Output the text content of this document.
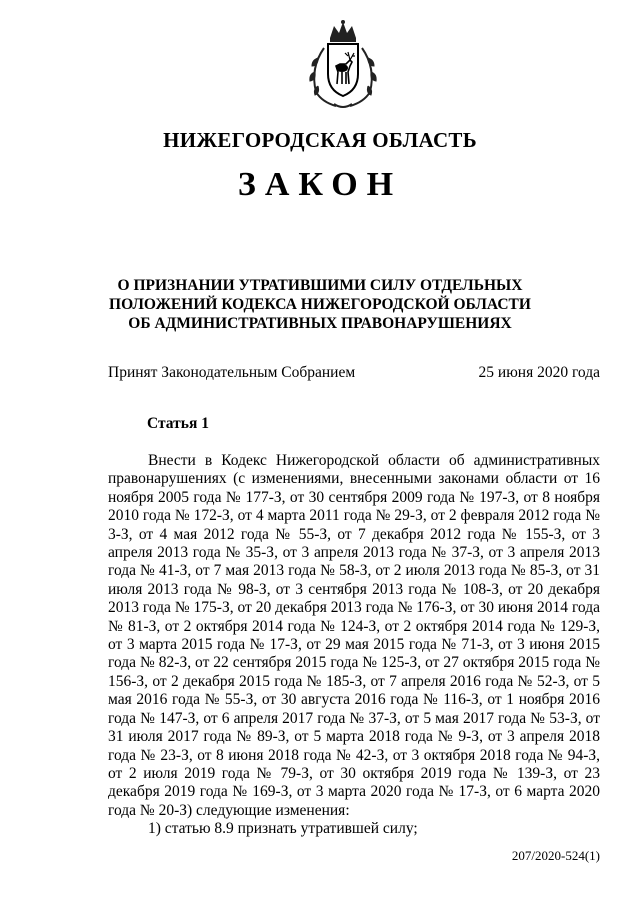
НИЖЕГОРОДСКАЯ ОБЛАСТЬ
ЗАКОН
О ПРИЗНАНИИ УТРАТИВШИМИ СИЛУ ОТДЕЛЬНЫХ
ПОЛОЖЕНИЙ КОДЕКСА НИЖЕГОРОДСКОЙ ОБЛАСТИ
ОБ АДМИНИСТРАТИВНЫХ ПРАВОНАРУШЕНИЯХ
Принят Законодательным Собранием	25 июня 2020 года
Статья 1

Внести в Кодекс Нижегородской области об административных правонарушениях (с изменениями, внесенными законами области от 16 ноября 2005 года № 177-З, от 30 сентября 2009 года № 197-З, от 8 ноября 2010 года № 172-З, от 4 марта 2011 года № 29-З, от 2 февраля 2012 года № 3-З, от 4 мая 2012 года № 55-З, от 7 декабря 2012 года № 155-З, от 3 апреля 2013 года № 35-З, от 3 апреля 2013 года № 37-З, от 3 апреля 2013 года № 41-З, от 7 мая 2013 года № 58-З, от 2 июля 2013 года № 85-З, от 31 июля 2013 года № 98-З, от 3 сентября 2013 года № 108-З, от 20 декабря 2013 года № 175-З, от 20 декабря 2013 года № 176-З, от 30 июня 2014 года № 81-З, от 2 октября 2014 года № 124-З, от 2 октября 2014 года № 129-З, от 3 марта 2015 года № 17-З, от 29 мая 2015 года № 71-З, от 3 июня 2015 года № 82-З, от 22 сентября 2015 года № 125-З, от 27 октября 2015 года № 156-З, от 2 декабря 2015 года № 185-З, от 7 апреля 2016 года № 52-З, от 5 мая 2016 года № 55-З, от 30 августа 2016 года № 116-З, от 1 ноября 2016 года № 147-З, от 6 апреля 2017 года № 37-З, от 5 мая 2017 года № 53-З, от 31 июля 2017 года № 89-З, от 5 марта 2018 года № 9-З, от 3 апреля 2018 года № 23-З, от 8 июня 2018 года № 42-З, от 3 октября 2018 года № 94-З, от 2 июля 2019 года № 79-З, от 30 октября 2019 года № 139-З, от 23 декабря 2019 года № 169-З, от 3 марта 2020 года № 17-З, от 6 марта 2020 года № 20-З) следующие изменения:

1) статью 8.9 признать утратившей силу;

207/2020-524(1)
